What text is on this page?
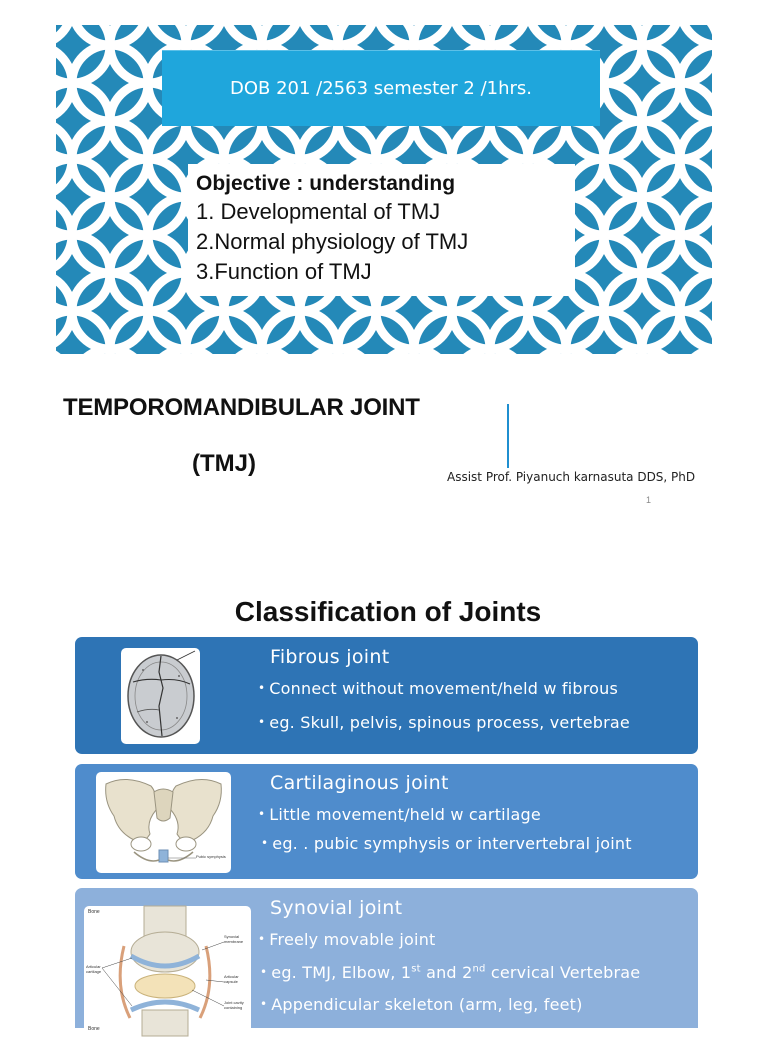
DOB 201 /2563 semester 2 /1hrs.
Objective : understanding
1. Developmental of TMJ
2.Normal physiology of TMJ
3.Function of TMJ
TEMPOROMANDIBULAR JOINT
(TMJ)	Assist Prof. Piyanuch karnasuta DDS, PhD
1
Classification of Joints
Fibrous joint
• Connect without movement/held w fibrous
• eg. Skull, pelvis, spinous process, vertebrae
Pubic symphysis
Cartilaginous joint
• Little movement/held w cartilage
• eg. . pubic symphysis or intervertebral joint
Bone
Synovial membrane
Articular cartilage
Articular capsule
Joint cavity containing
Bone
Synovial joint
• Freely movable joint
• eg. TMJ, Elbow, 1st and 2nd cervical Vertebrae
• Appendicular skeleton (arm, leg, feet)
